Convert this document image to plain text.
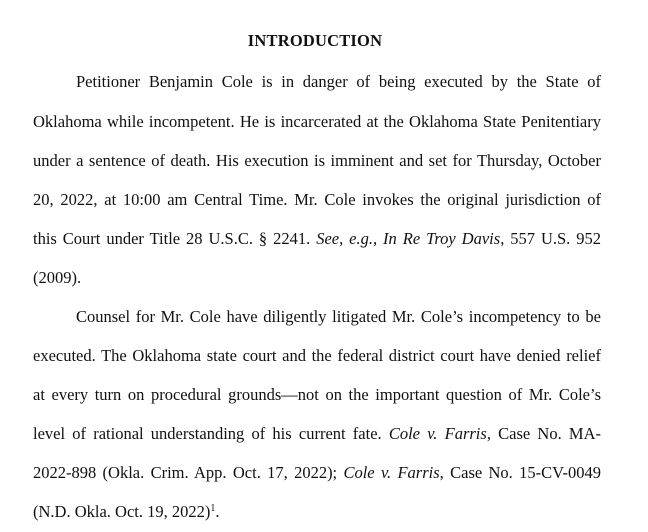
INTRODUCTION
Petitioner Benjamin Cole is in danger of being executed by the State of
Oklahoma while incompetent. He is incarcerated at the Oklahoma State Penitentiary
under a sentence of death. His execution is imminent and set for Thursday, October
20, 2022, at 10:00 am Central Time. Mr. Cole invokes the original jurisdiction of
this Court under Title 28 U.S.C. § 2241. See, e.g., In Re Troy Davis, 557 U.S. 952
(2009).
Counsel for Mr. Cole have diligently litigated Mr. Cole’s incompetency to be
executed. The Oklahoma state court and the federal district court have denied relief
at every turn on procedural grounds—not on the important question of Mr. Cole’s
level of rational understanding of his current fate. Cole v. Farris, Case No. MA-
2022-898 (Okla. Crim. App. Oct. 17, 2022); Cole v. Farris, Case No. 15-CV-0049
(N.D. Okla. Oct. 19, 2022)$^1$.
